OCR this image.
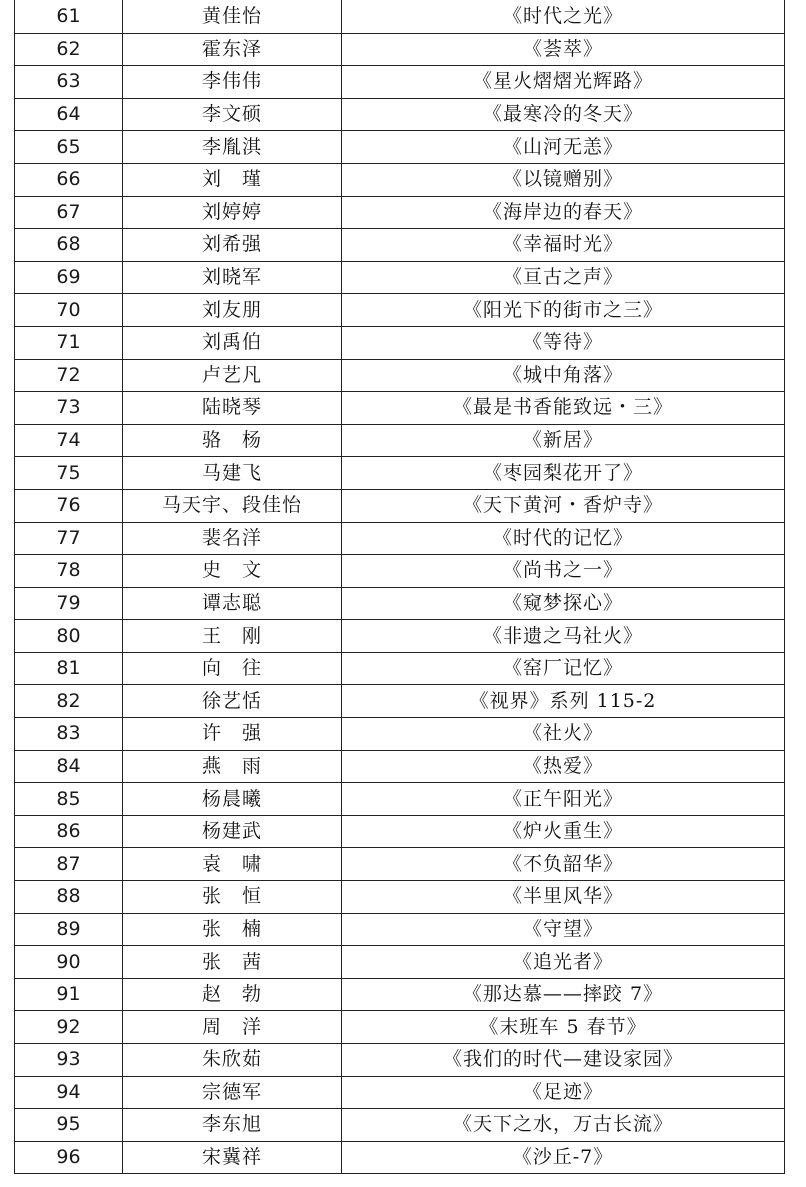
61	黄佳怡	《时代之光》
62	霍东泽	《荟萃》
63	李伟伟	《星火熠熠光辉路》
64	李文硕	《最寒冷的冬天》
65	李胤淇	《山河无恙》
66	刘　瑾	《以镜赠别》
67	刘婷婷	《海岸边的春天》
68	刘希强	《幸福时光》
69	刘晓军	《亘古之声》
70	刘友朋	《阳光下的街市之三》
71	刘禹伯	《等待》
72	卢艺凡	《城中角落》
73	陆晓琴	《最是书香能致远・三》
74	骆　杨	《新居》
75	马建飞	《枣园梨花开了》
76	马天宇、段佳怡	《天下黄河・香炉寺》
77	裴名洋	《时代的记忆》
78	史　文	《尚书之一》
79	谭志聪	《窥梦探心》
80	王　刚	《非遗之马社火》
81	向　往	《窑厂记忆》
82	徐艺恬	《视界》系列 115-2
83	许　强	《社火》
84	燕　雨	《热爱》
85	杨晨曦	《正午阳光》
86	杨建武	《炉火重生》
87	袁　啸	《不负韶华》
88	张　恒	《半里风华》
89	张　楠	《守望》
90	张　茜	《追光者》
91	赵　勃	《那达慕——摔跤 7》
92	周　洋	《末班车 5 春节》
93	朱欣茹	《我们的时代—建设家园》
94	宗德军	《足迹》
95	李东旭	《天下之水，万古长流》
96	宋冀祥	《沙丘-7》
